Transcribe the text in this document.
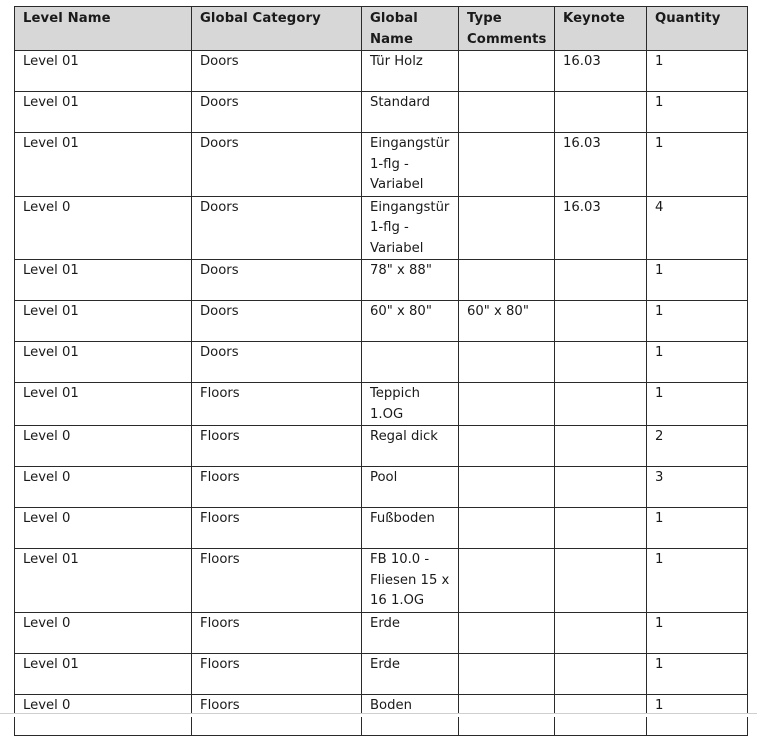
Level Name	Global Category	Global Name	Type Comments	Keynote	Quantity
Level 01	Doors	Tür Holz		16.03	1
Level 01	Doors	Standard			1
Level 01	Doors	Eingangstür 1-flg - Variabel		16.03	1
Level 0	Doors	Eingangstür 1-flg - Variabel		16.03	4
Level 01	Doors	78" x 88"			1
Level 01	Doors	60" x 80"	60" x 80"		1
Level 01	Doors				1
Level 01	Floors	Teppich 1.OG			1
Level 0	Floors	Regal dick			2
Level 0	Floors	Pool			3
Level 0	Floors	Fußboden			1
Level 01	Floors	FB 10.0 - Fliesen 15 x 16 1.OG			1
Level 0	Floors	Erde			1
Level 01	Floors	Erde			1
Level 0	Floors	Boden			1
